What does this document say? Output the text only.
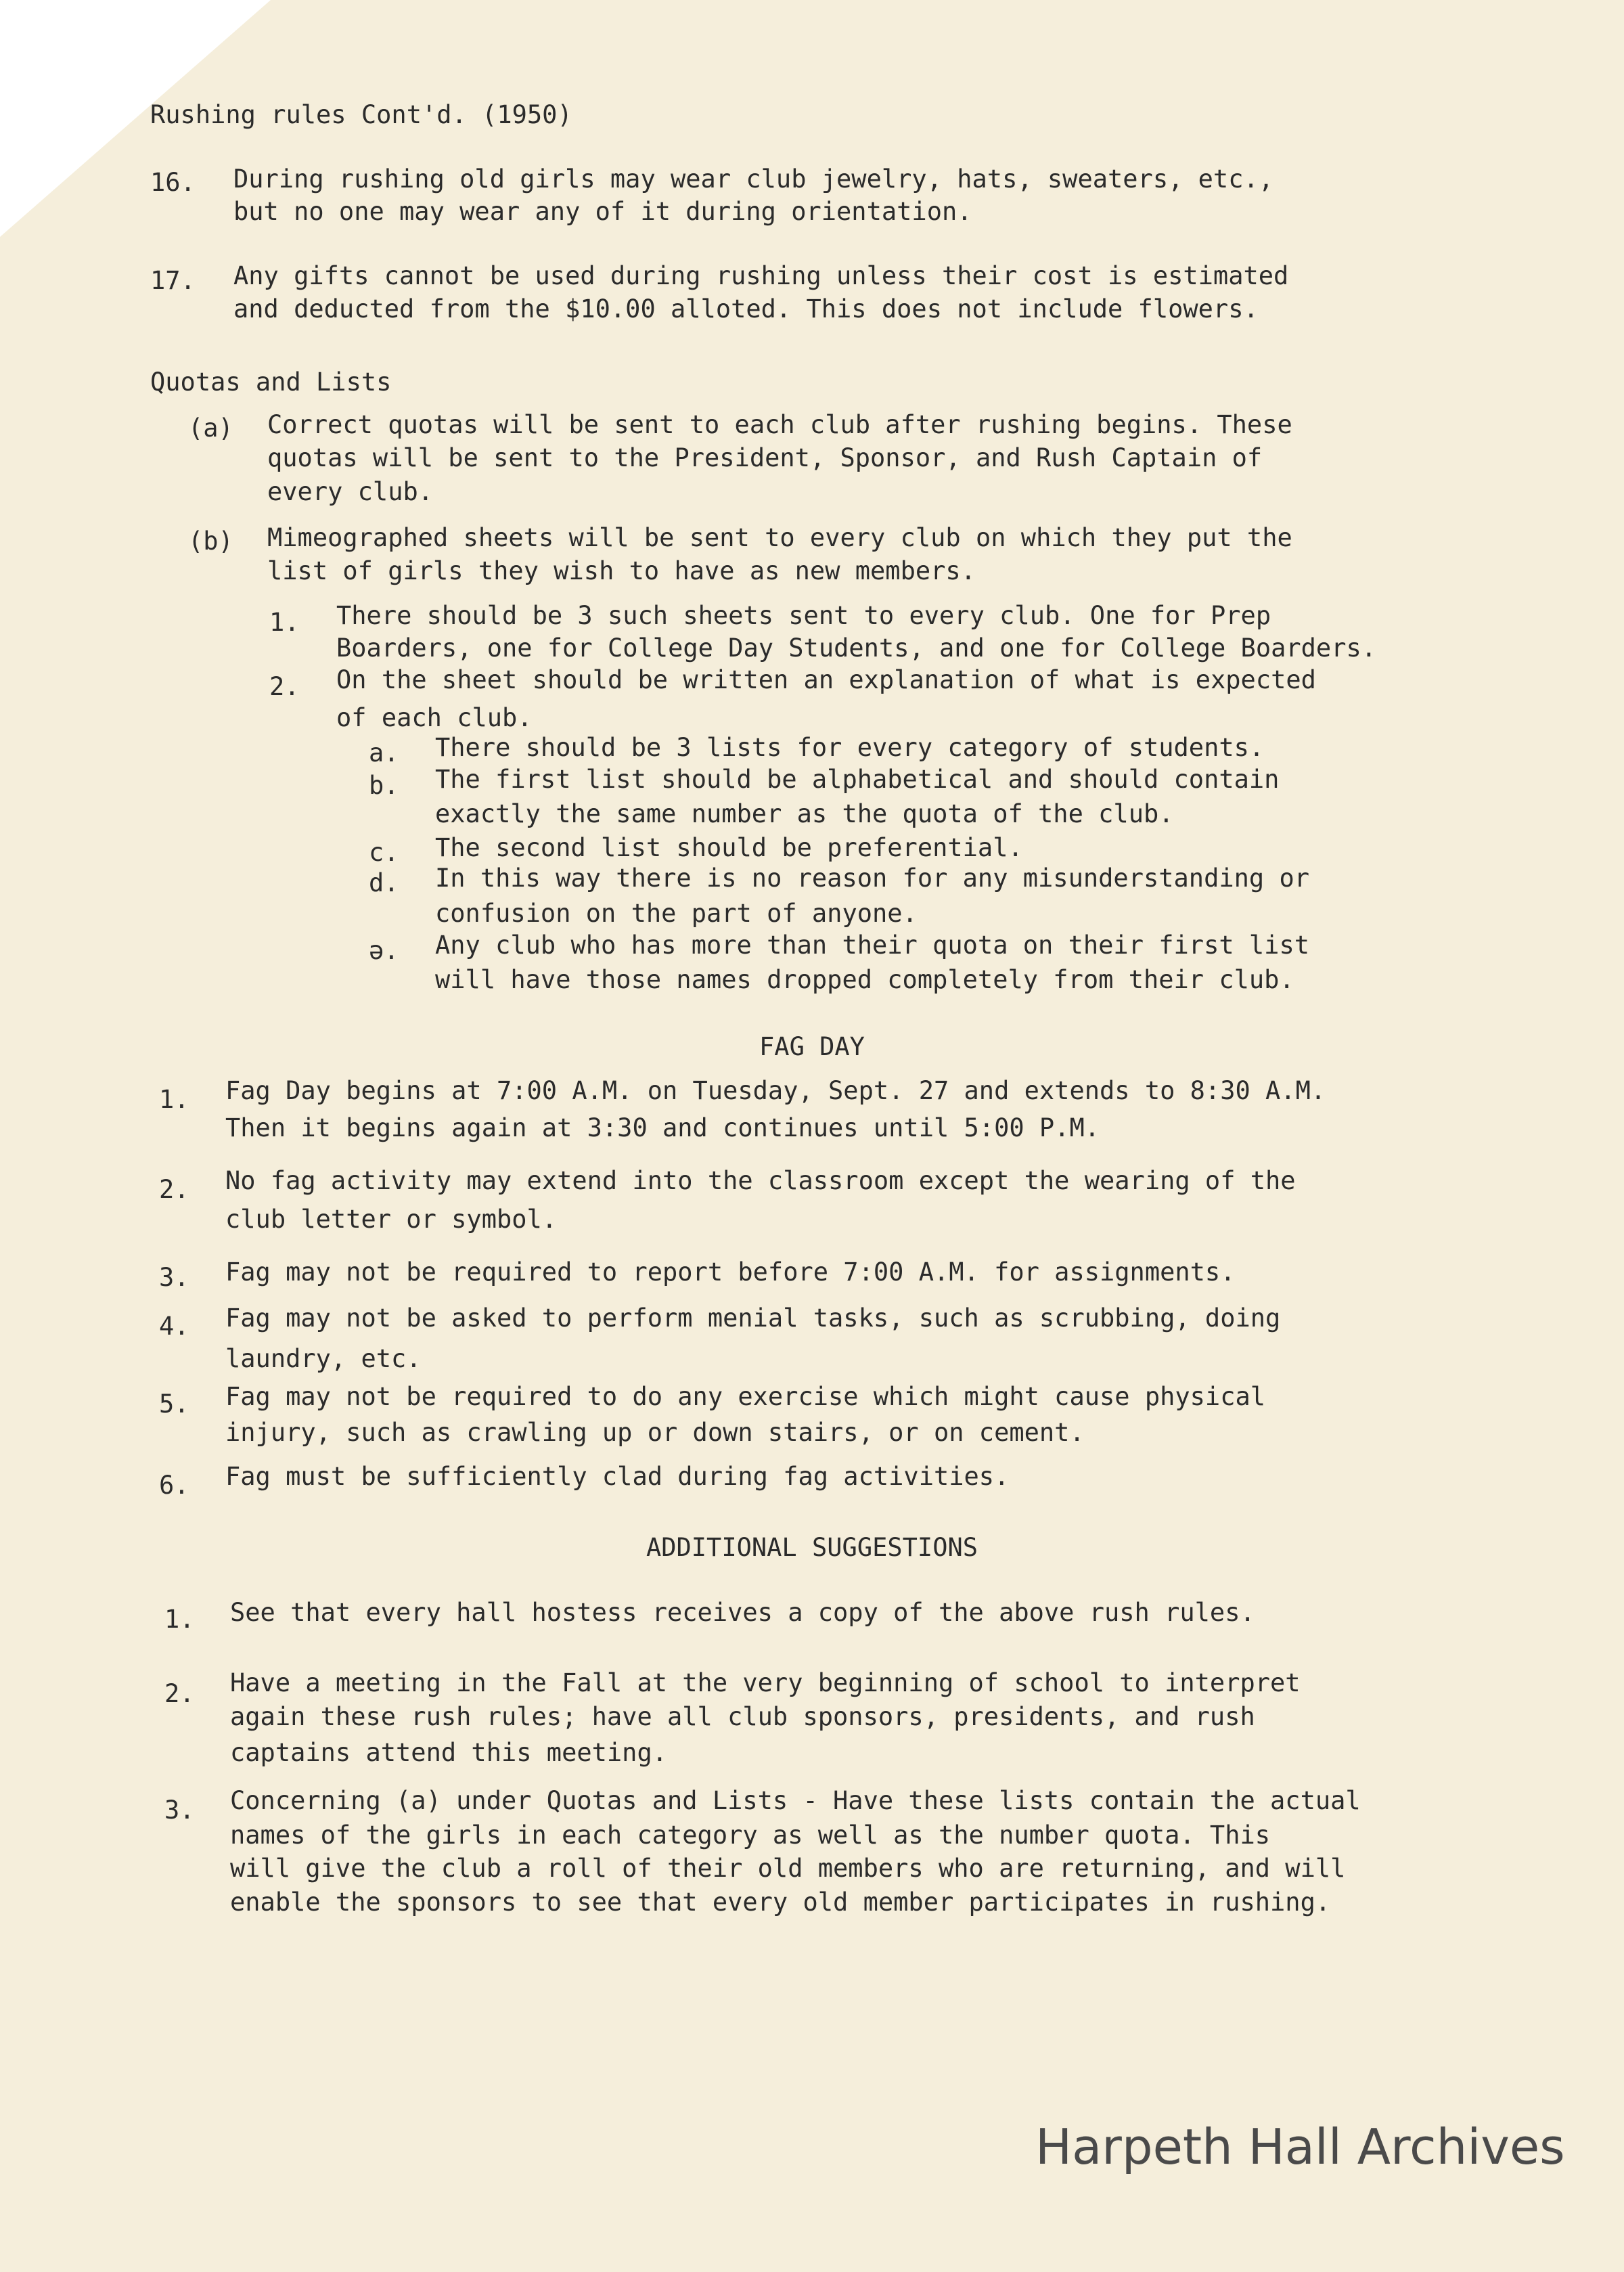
Rushing rules Cont'd. (1950)
16. During rushing old girls may wear club jewelry, hats, sweaters, etc.,
but no one may wear any of it during orientation.
17. Any gifts cannot be used during rushing unless their cost is estimated
and deducted from the $10.00 alloted. This does not include flowers.
Quotas and Lists
(a) Correct quotas will be sent to each club after rushing begins. These
quotas will be sent to the President, Sponsor, and Rush Captain of
every club.
(b) Mimeographed sheets will be sent to every club on which they put the
list of girls they wish to have as new members.
1. There should be 3 such sheets sent to every club. One for Prep
Boarders, one for College Day Students, and one for College Boarders.
2. On the sheet should be written an explanation of what is expected
of each club.
a. There should be 3 lists for every category of students.
b. The first list should be alphabetical and should contain
exactly the same number as the quota of the club.
c. The second list should be preferential.
d. In this way there is no reason for any misunderstanding or
confusion on the part of anyone.
ə. Any club who has more than their quota on their first list
will have those names dropped completely from their club.
FAG DAY
1. Fag Day begins at 7:00 A.M. on Tuesday, Sept. 27 and extends to 8:30 A.M.
Then it begins again at 3:30 and continues until 5:00 P.M.
2. No fag activity may extend into the classroom except the wearing of the
club letter or symbol.
3. Fag may not be required to report before 7:00 A.M. for assignments.
4. Fag may not be asked to perform menial tasks, such as scrubbing, doing
laundry, etc.
5. Fag may not be required to do any exercise which might cause physical
injury, such as crawling up or down stairs, or on cement.
6. Fag must be sufficiently clad during fag activities.
ADDITIONAL SUGGESTIONS
1. See that every hall hostess receives a copy of the above rush rules.
2. Have a meeting in the Fall at the very beginning of school to interpret
again these rush rules; have all club sponsors, presidents, and rush
captains attend this meeting.
3. Concerning (a) under Quotas and Lists - Have these lists contain the actual
names of the girls in each category as well as the number quota. This
will give the club a roll of their old members who are returning, and will
enable the sponsors to see that every old member participates in rushing.
Harpeth Hall Archives
